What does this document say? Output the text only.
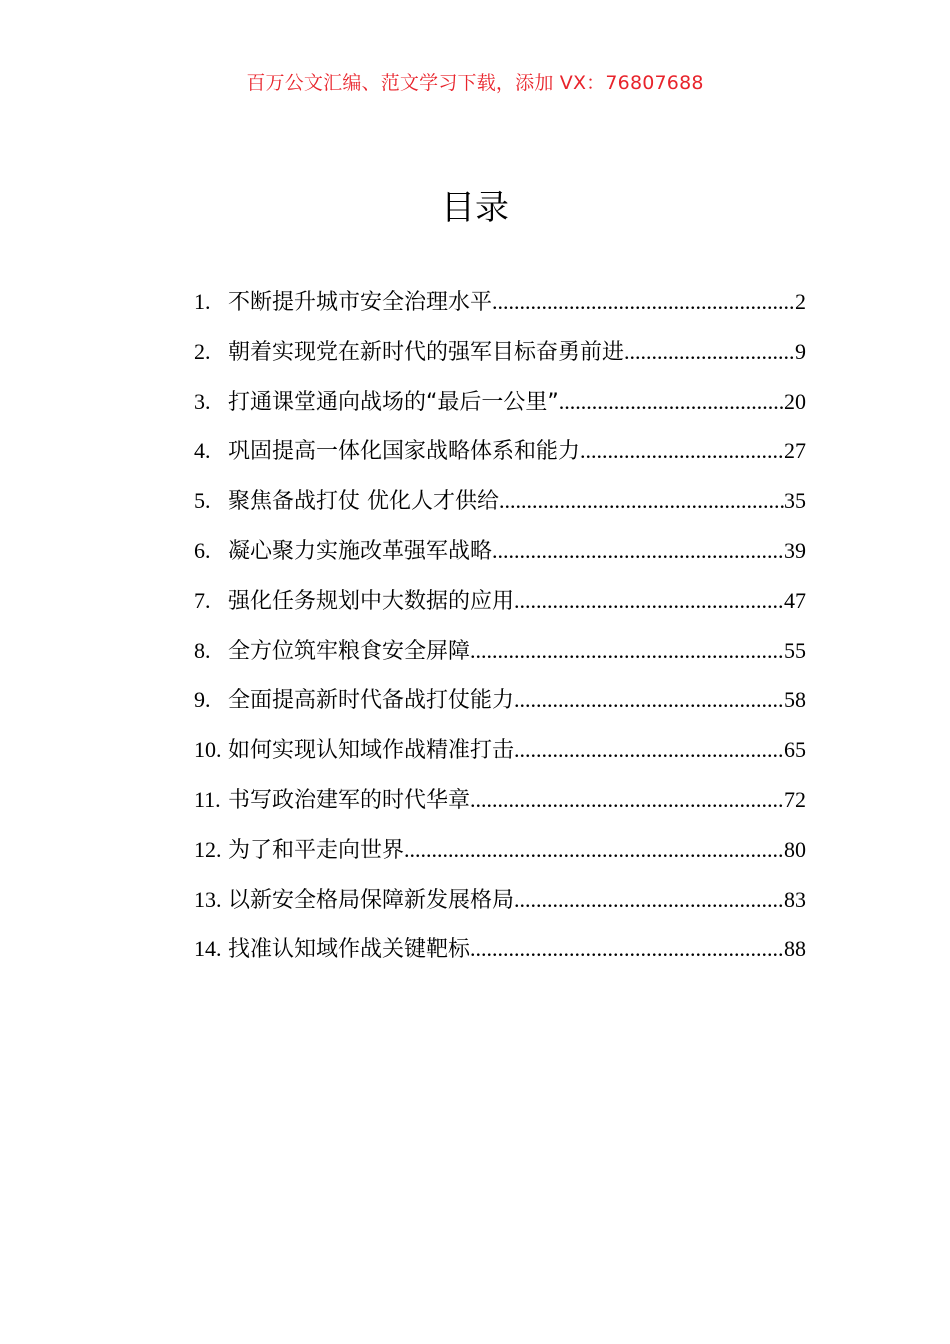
百万公文汇编、范文学习下载，添加 VX：76807688
目录
1. 不断提升城市安全治理水平 .....	2
2. 朝着实现党在新时代的强军目标奋勇前进 .....	9
3. 打通课堂通向战场的“最后一公里” .....	20
4. 巩固提高一体化国家战略体系和能力 .....	27
5. 聚焦备战打仗 优化人才供给 .....	35
6. 凝心聚力实施改革强军战略 .....	39
7. 强化任务规划中大数据的应用 .....	47
8. 全方位筑牢粮食安全屏障 .....	55
9. 全面提高新时代备战打仗能力 .....	58
10. 如何实现认知域作战精准打击 .....	65
11. 书写政治建军的时代华章 .....	72
12. 为了和平走向世界 .....	80
13. 以新安全格局保障新发展格局 .....	83
14. 找准认知域作战关键靶标 .....	88
